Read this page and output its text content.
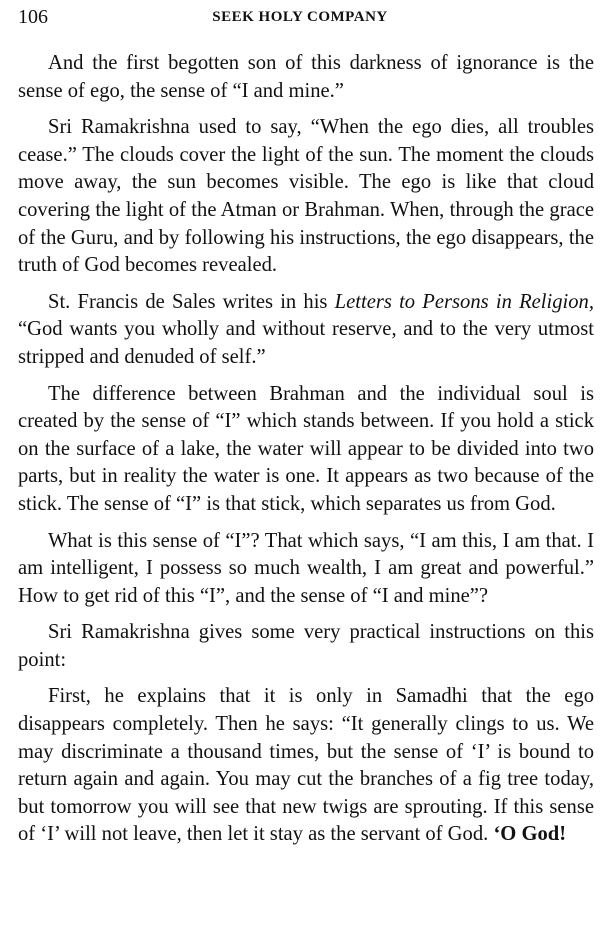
106	SEEK HOLY COMPANY

And the first begotten son of this darkness of ignorance is the sense of ego, the sense of “I and mine.”

Sri Ramakrishna used to say, “When the ego dies, all troubles cease.” The clouds cover the light of the sun. The moment the clouds move away, the sun becomes visible. The ego is like that cloud covering the light of the Atman or Brahman. When, through the grace of the Guru, and by following his instructions, the ego disappears, the truth of God becomes revealed.

St. Francis de Sales writes in his Letters to Persons in Religion, “God wants you wholly and without reserve, and to the very utmost stripped and denuded of self.”

The difference between Brahman and the individual soul is created by the sense of “I” which stands between. If you hold a stick on the surface of a lake, the water will appear to be divided into two parts, but in reality the water is one. It appears as two because of the stick. The sense of “I” is that stick, which separates us from God.

What is this sense of “I”? That which says, “I am this, I am that. I am intelligent, I possess so much wealth, I am great and powerful.” How to get rid of this “I”, and the sense of “I and mine”?

Sri Ramakrishna gives some very practical instructions on this point:

First, he explains that it is only in Samadhi that the ego disappears completely. Then he says: “It generally clings to us. We may discriminate a thousand times, but the sense of ‘I’ is bound to return again and again. You may cut the branches of a fig tree today, but tomorrow you will see that new twigs are sprouting. If this sense of ‘I’ will not leave, then let it stay as the servant of God. ‘O God!
